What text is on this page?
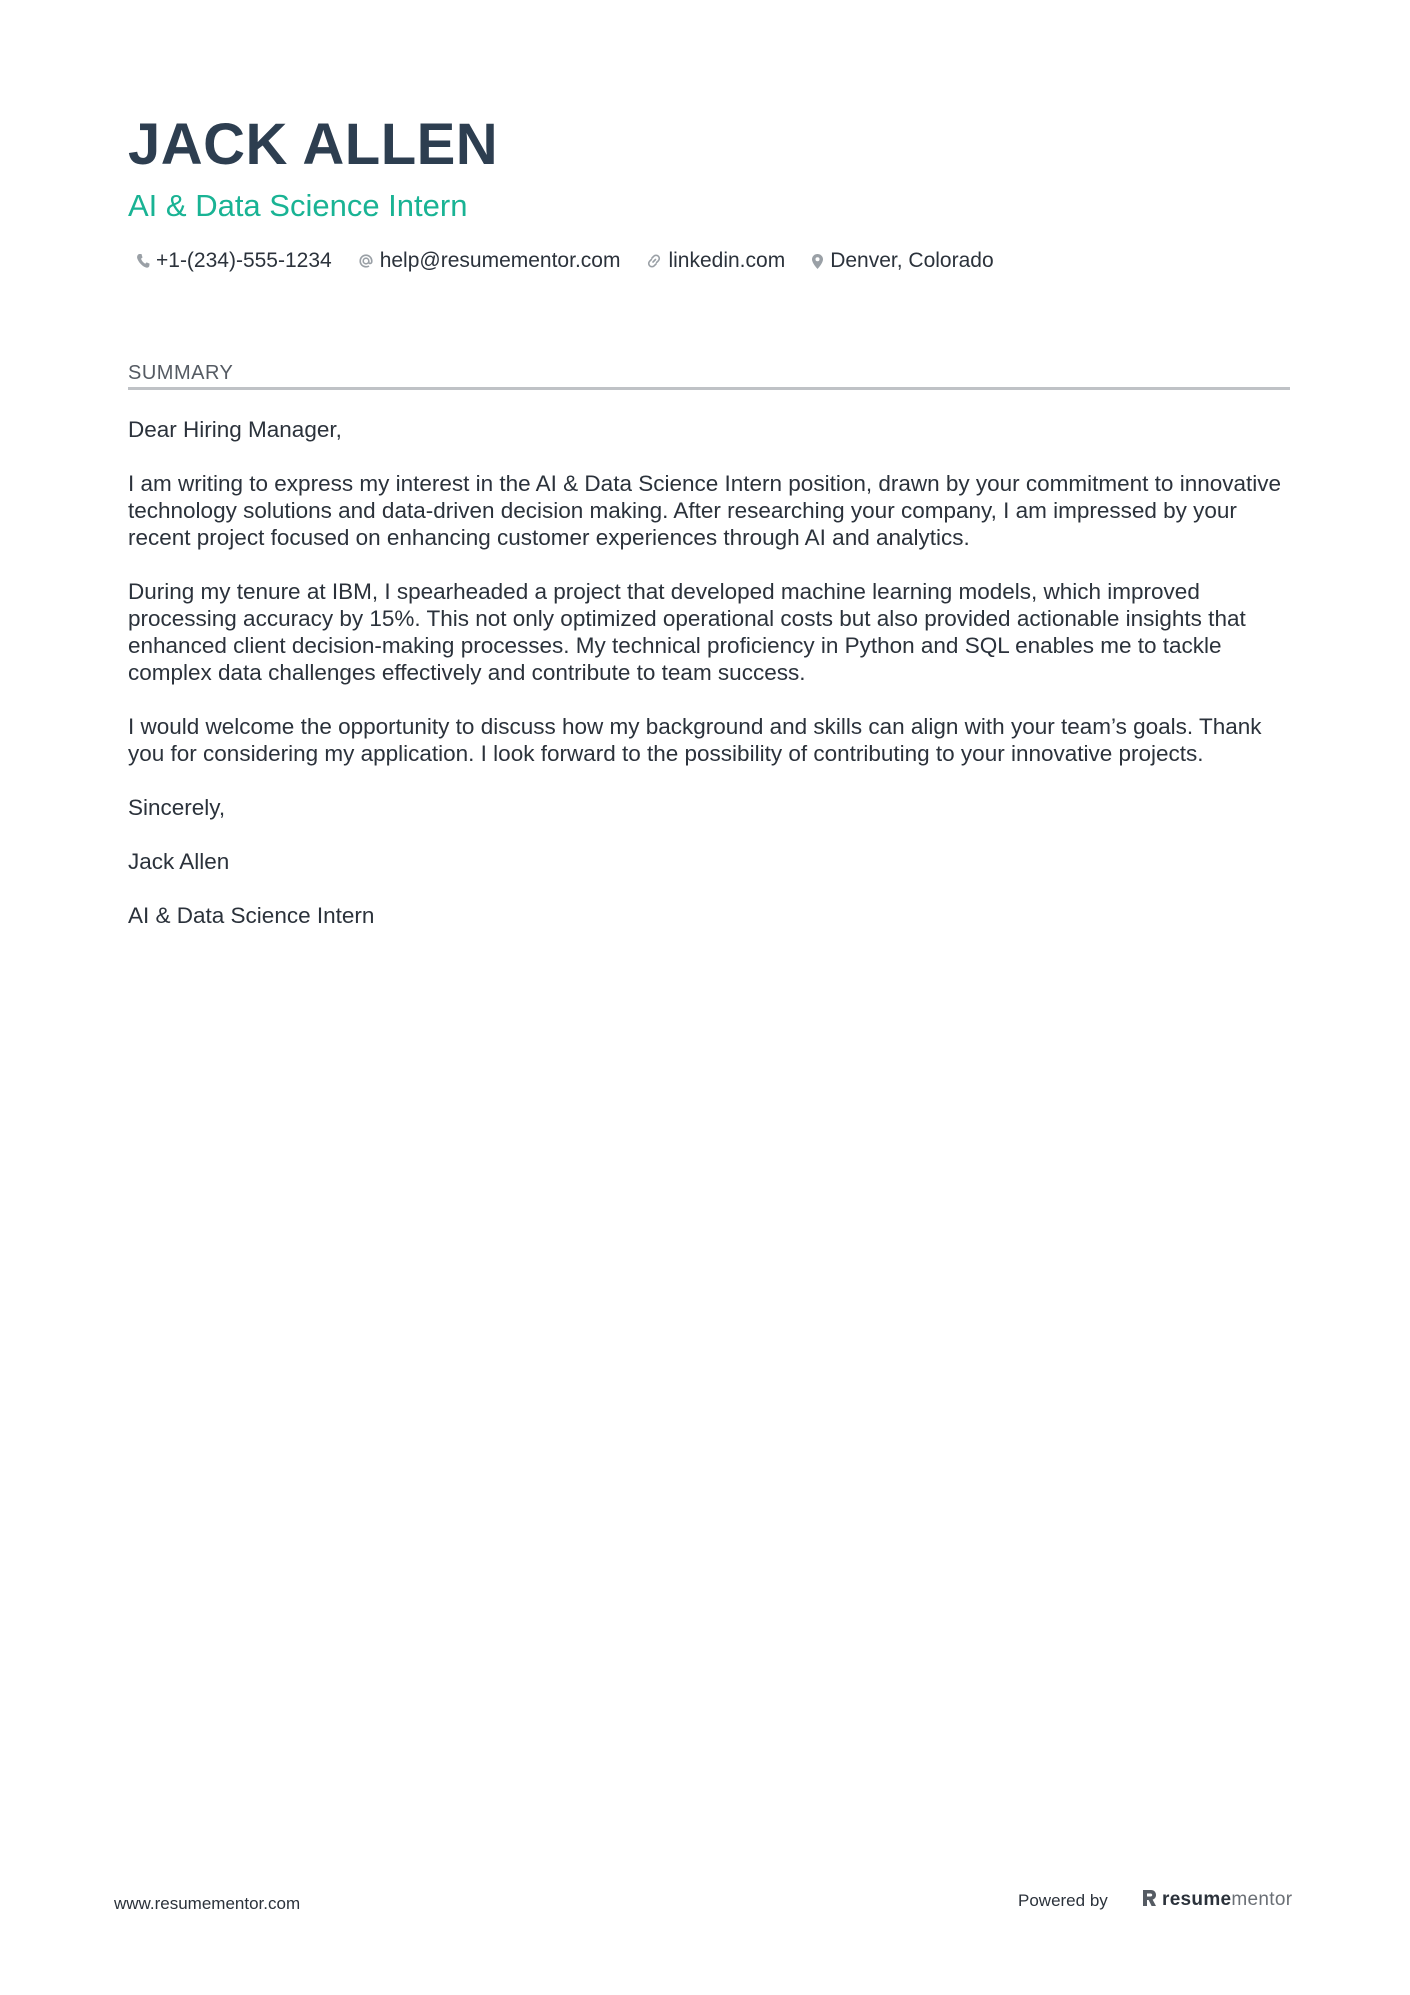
JACK ALLEN
AI & Data Science Intern
+1-(234)-555-1234 help@resumementor.com linkedin.com Denver, Colorado
SUMMARY

Dear Hiring Manager,

I am writing to express my interest in the AI & Data Science Intern position, drawn by your commitment to innovative technology solutions and data-driven decision making. After researching your company, I am impressed by your recent project focused on enhancing customer experiences through AI and analytics.

During my tenure at IBM, I spearheaded a project that developed machine learning models, which improved processing accuracy by 15%. This not only optimized operational costs but also provided actionable insights that enhanced client decision-making processes. My technical proficiency in Python and SQL enables me to tackle complex data challenges effectively and contribute to team success.

I would welcome the opportunity to discuss how my background and skills can align with your team’s goals. Thank you for considering my application. I look forward to the possibility of contributing to your innovative projects.

Sincerely,

Jack Allen

AI & Data Science Intern

www.resumementor.com	Powered by	resumementor
